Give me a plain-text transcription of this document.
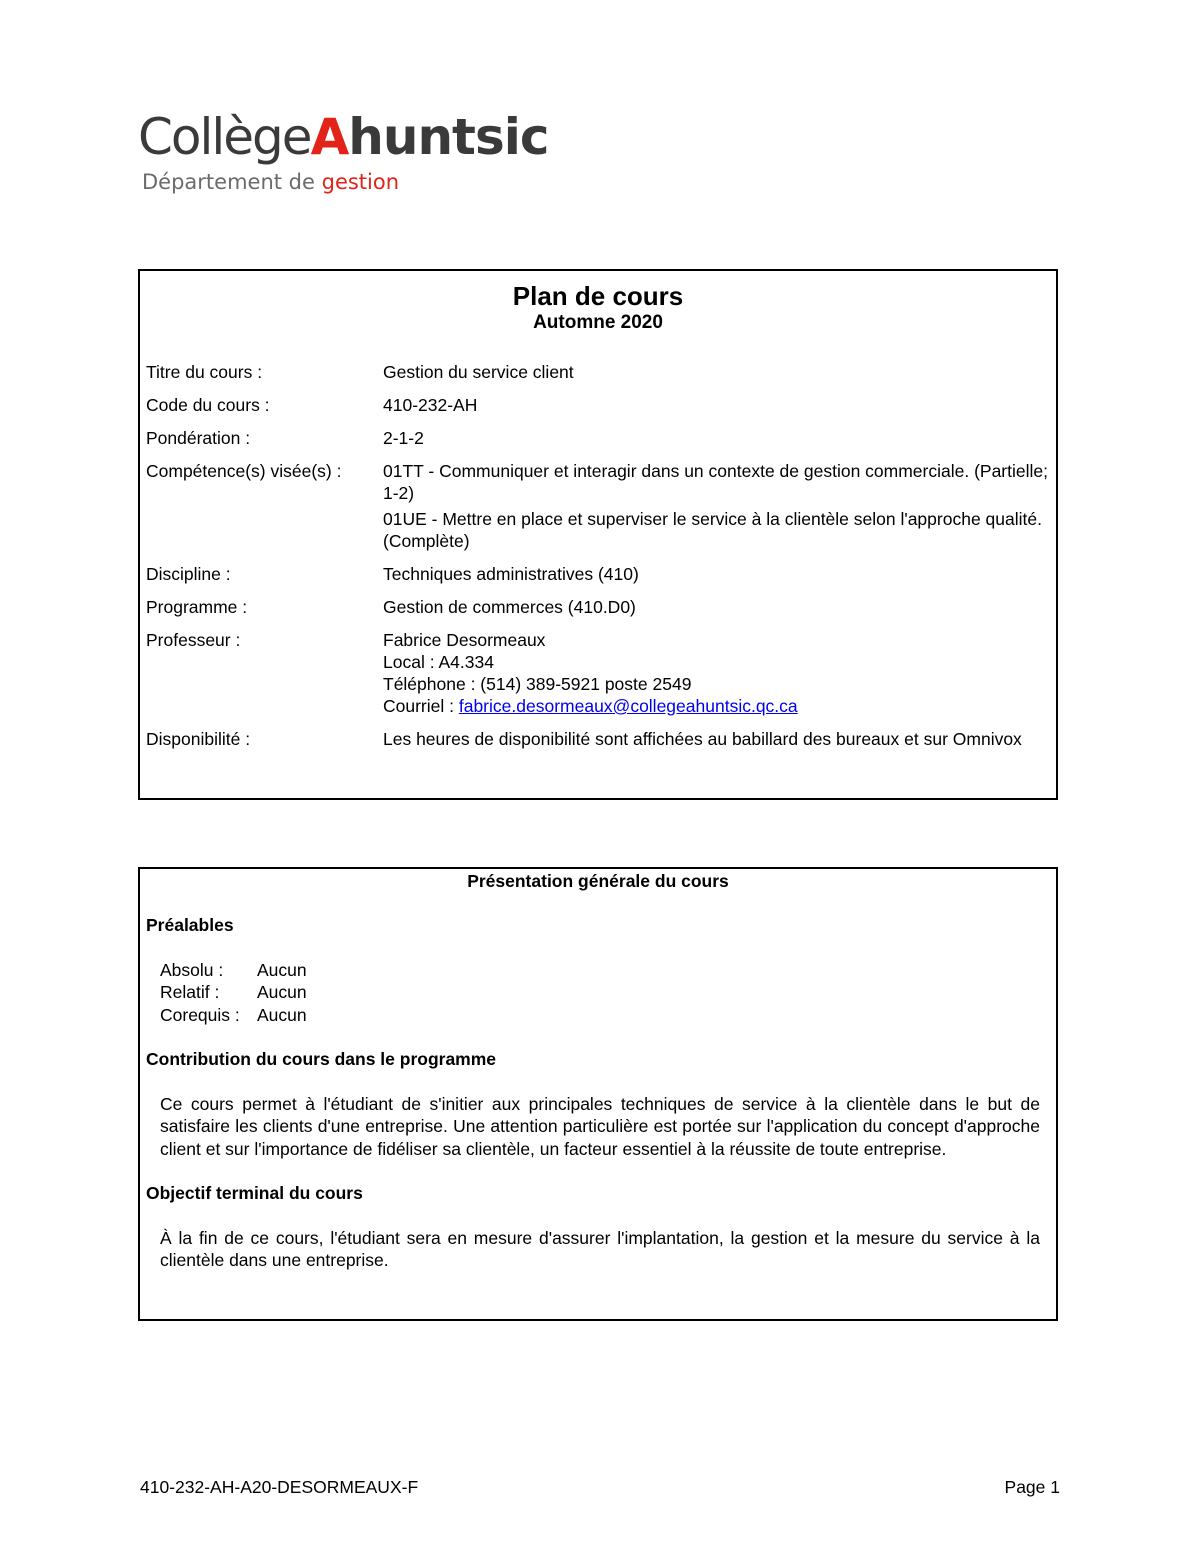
CollègeAhuntsic
Département de gestion
Plan de cours
Automne 2020
Titre du cours :	Gestion du service client
Code du cours :	410-232-AH
Pondération :	2-1-2
Compétence(s) visée(s) :	01TT - Communiquer et interagir dans un contexte de gestion commerciale. (Partielle; 1-2)
01UE - Mettre en place et superviser le service à la clientèle selon l'approche qualité. (Complète)
Discipline :	Techniques administratives (410)
Programme :	Gestion de commerces (410.D0)
Professeur :	Fabrice Desormeaux
Local : A4.334
Téléphone : (514) 389-5921 poste 2549
Courriel : fabrice.desormeaux@collegeahuntsic.qc.ca
Disponibilité :	Les heures de disponibilité sont affichées au babillard des bureaux et sur Omnivox
Présentation générale du cours
Préalables
Absolu :	Aucun
Relatif :	Aucun
Corequis : Aucun
Contribution du cours dans le programme
Ce cours permet à l'étudiant de s'initier aux principales techniques de service à la clientèle dans le but de satisfaire les clients d'une entreprise. Une attention particulière est portée sur l'application du concept d'approche client et sur l'importance de fidéliser sa clientèle, un facteur essentiel à la réussite de toute entreprise.
Objectif terminal du cours
À la fin de ce cours, l'étudiant sera en mesure d'assurer l'implantation, la gestion et la mesure du service à la clientèle dans une entreprise.
410-232-AH-A20-DESORMEAUX-F	Page 1
